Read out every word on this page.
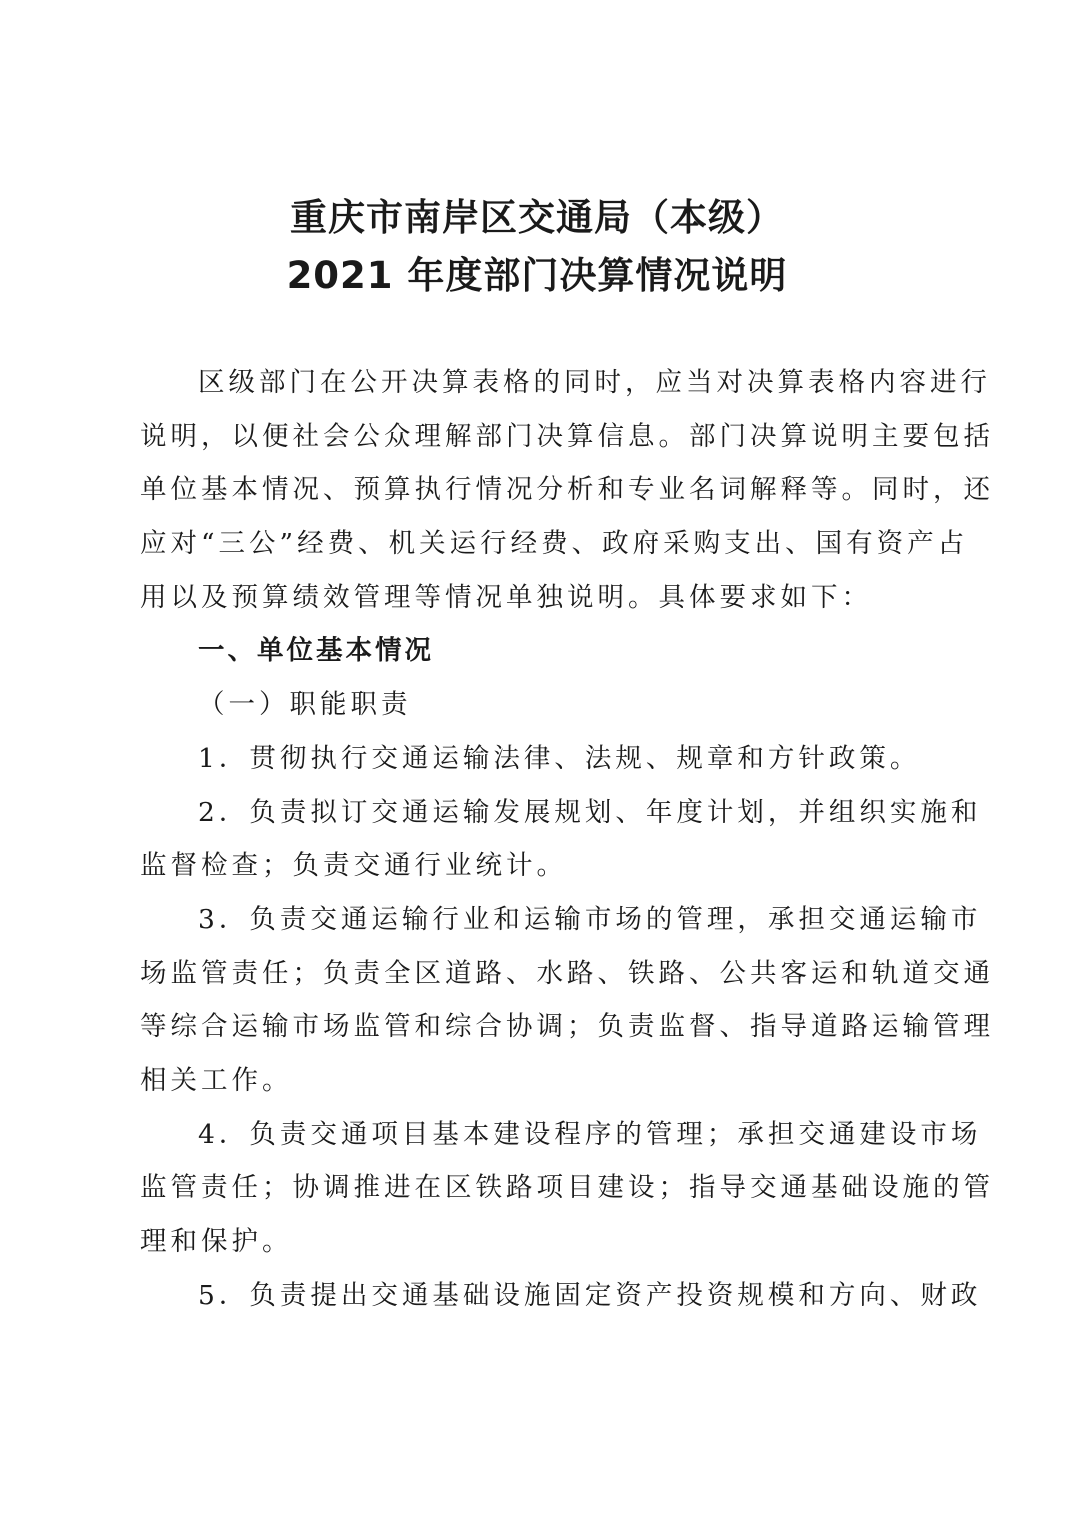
重庆市南岸区交通局（本级）
2021 年度部门决算情况说明
区级部门在公开决算表格的同时，应当对决算表格内容进行
说明，以便社会公众理解部门决算信息。部门决算说明主要包括
单位基本情况、预算执行情况分析和专业名词解释等。同时，还
应对“三公”经费、机关运行经费、政府采购支出、国有资产占
用以及预算绩效管理等情况单独说明。具体要求如下：
一、单位基本情况
（一）职能职责
1．贯彻执行交通运输法律、法规、规章和方针政策。
2．负责拟订交通运输发展规划、年度计划，并组织实施和
监督检查；负责交通行业统计。
3．负责交通运输行业和运输市场的管理，承担交通运输市
场监管责任；负责全区道路、水路、铁路、公共客运和轨道交通
等综合运输市场监管和综合协调；负责监督、指导道路运输管理
相关工作。
4．负责交通项目基本建设程序的管理；承担交通建设市场
监管责任；协调推进在区铁路项目建设；指导交通基础设施的管
理和保护。
5．负责提出交通基础设施固定资产投资规模和方向、财政
